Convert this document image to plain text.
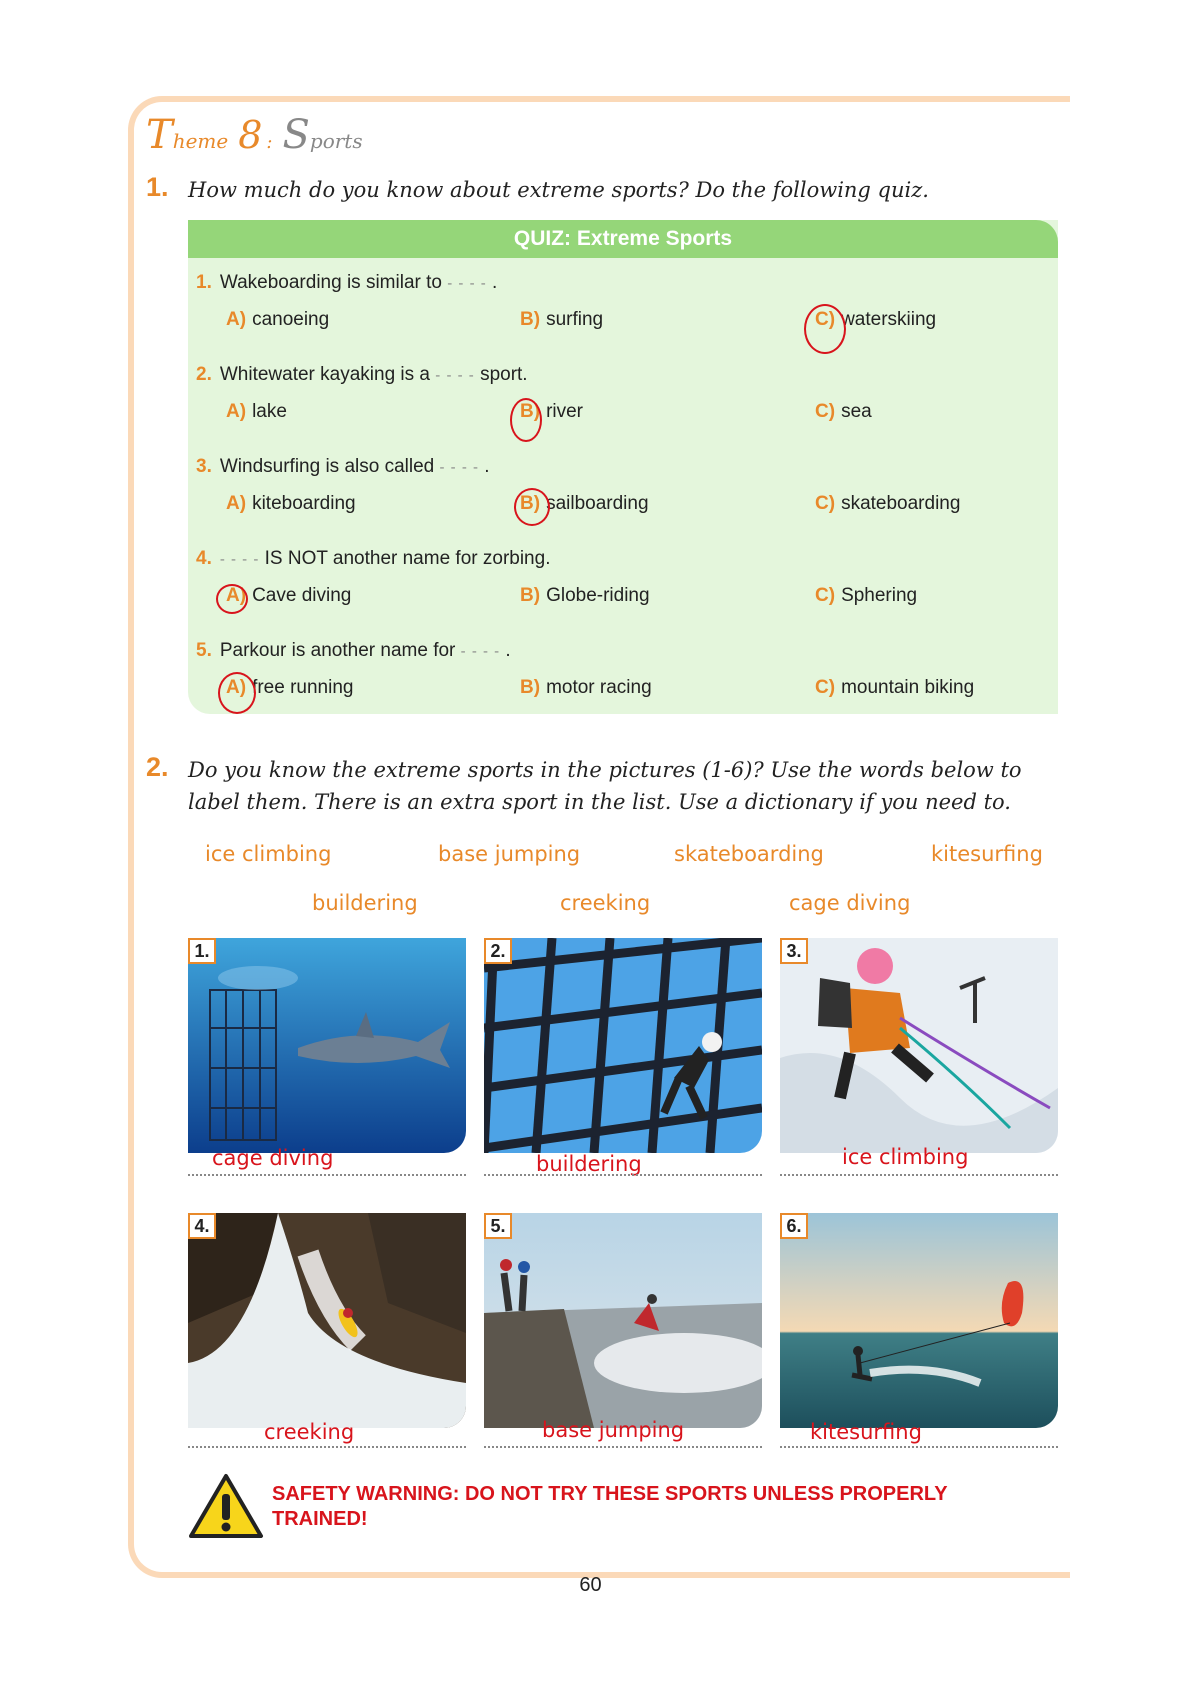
Theme 8 : Sports
1. How much do you know about extreme sports? Do the following quiz.
QUIZ: Extreme Sports
1. Wakeboarding is similar to - - - - .
A) canoeing	B) surfing	C) waterskiing
2. Whitewater kayaking is a - - - - sport.
A) lake	B) river	C) sea
3. Windsurfing is also called - - - - .
A) kiteboarding	B) sailboarding	C) skateboarding
4. - - - - IS NOT another name for zorbing.
A) Cave diving	B) Globe-riding	C) Sphering
5. Parkour is another name for - - - - .
A) free running	B) motor racing	C) mountain biking
2. Do you know the extreme sports in the pictures (1-6)? Use the words below to
label them. There is an extra sport in the list. Use a dictionary if you need to.
ice climbing	base jumping	skateboarding	kitesurfing
buildering	creeking	cage diving
1.	2.	3.
4.	5.	6.
cage diving	buildering	ice climbing
creeking	base jumping	kitesurfing
SAFETY WARNING: DO NOT TRY THESE SPORTS UNLESS PROPERLY
TRAINED!
60
